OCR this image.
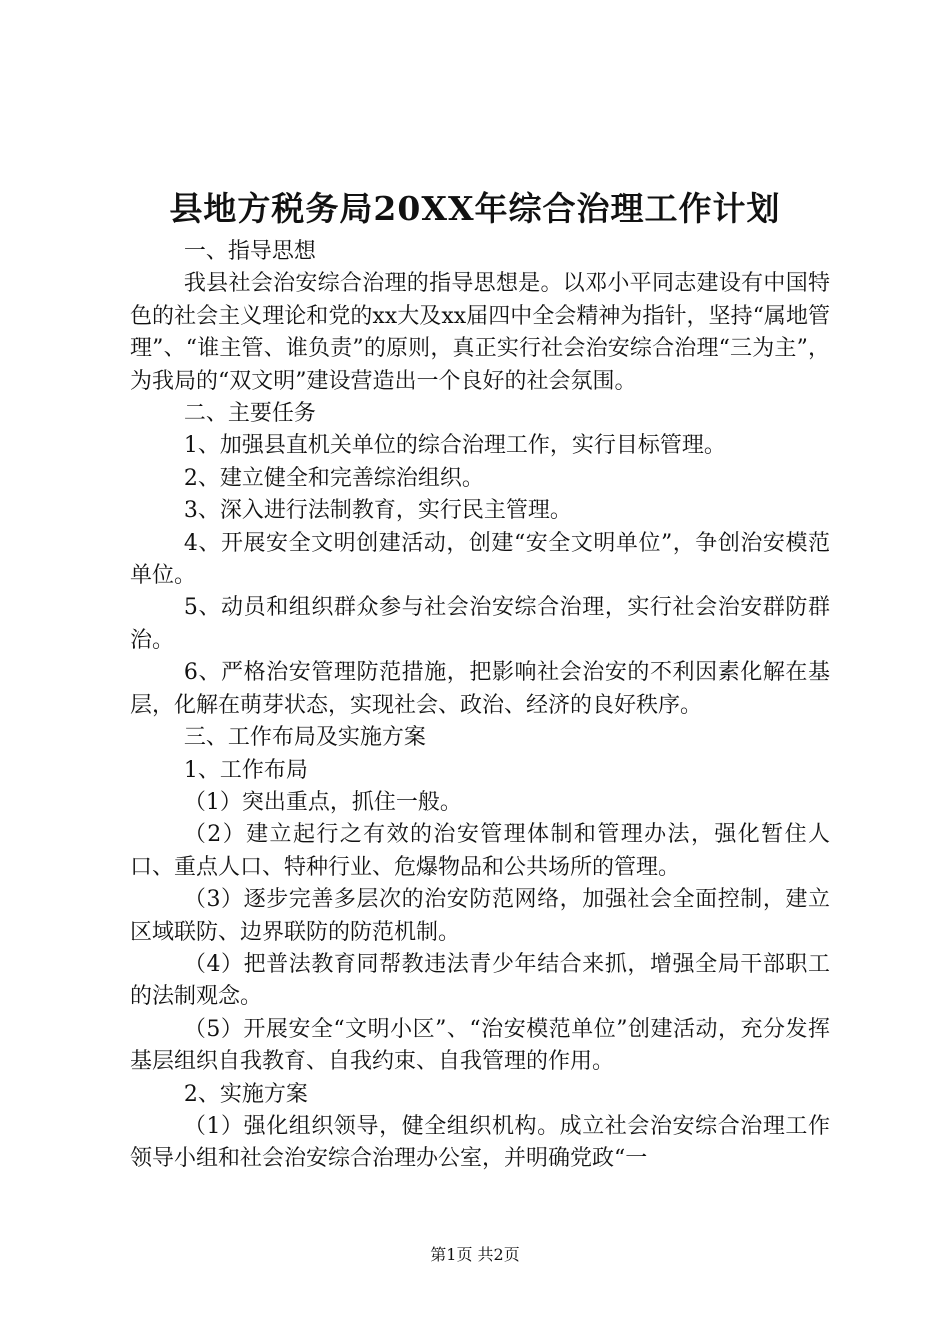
县地方税务局20XX年综合治理工作计划

一、指导思想

我县社会治安综合治理的指导思想是。以邓小平同志建设有中国特色的社会主义理论和党的xx大及xx届四中全会精神为指针，坚持“属地管理”、“谁主管、谁负责”的原则，真正实行社会治安综合治理“三为主”，为我局的“双文明”建设营造出一个良好的社会氛围。

二、主要任务

1、加强县直机关单位的综合治理工作，实行目标管理。

2、建立健全和完善综治组织。

3、深入进行法制教育，实行民主管理。

4、开展安全文明创建活动，创建“安全文明单位”，争创治安模范单位。

5、动员和组织群众参与社会治安综合治理，实行社会治安群防群治。

6、严格治安管理防范措施，把影响社会治安的不利因素化解在基层，化解在萌芽状态，实现社会、政治、经济的良好秩序。

三、工作布局及实施方案

1、工作布局

（1）突出重点，抓住一般。

（2）建立起行之有效的治安管理体制和管理办法，强化暂住人口、重点人口、特种行业、危爆物品和公共场所的管理。

（3）逐步完善多层次的治安防范网络，加强社会全面控制，建立区域联防、边界联防的防范机制。

（4）把普法教育同帮教违法青少年结合来抓，增强全局干部职工的法制观念。

（5）开展安全“文明小区”、“治安模范单位”创建活动，充分发挥基层组织自我教育、自我约束、自我管理的作用。

2、实施方案

（1）强化组织领导，健全组织机构。成立社会治安综合治理工作领导小组和社会治安综合治理办公室，并明确党政“一

第1页 共2页
